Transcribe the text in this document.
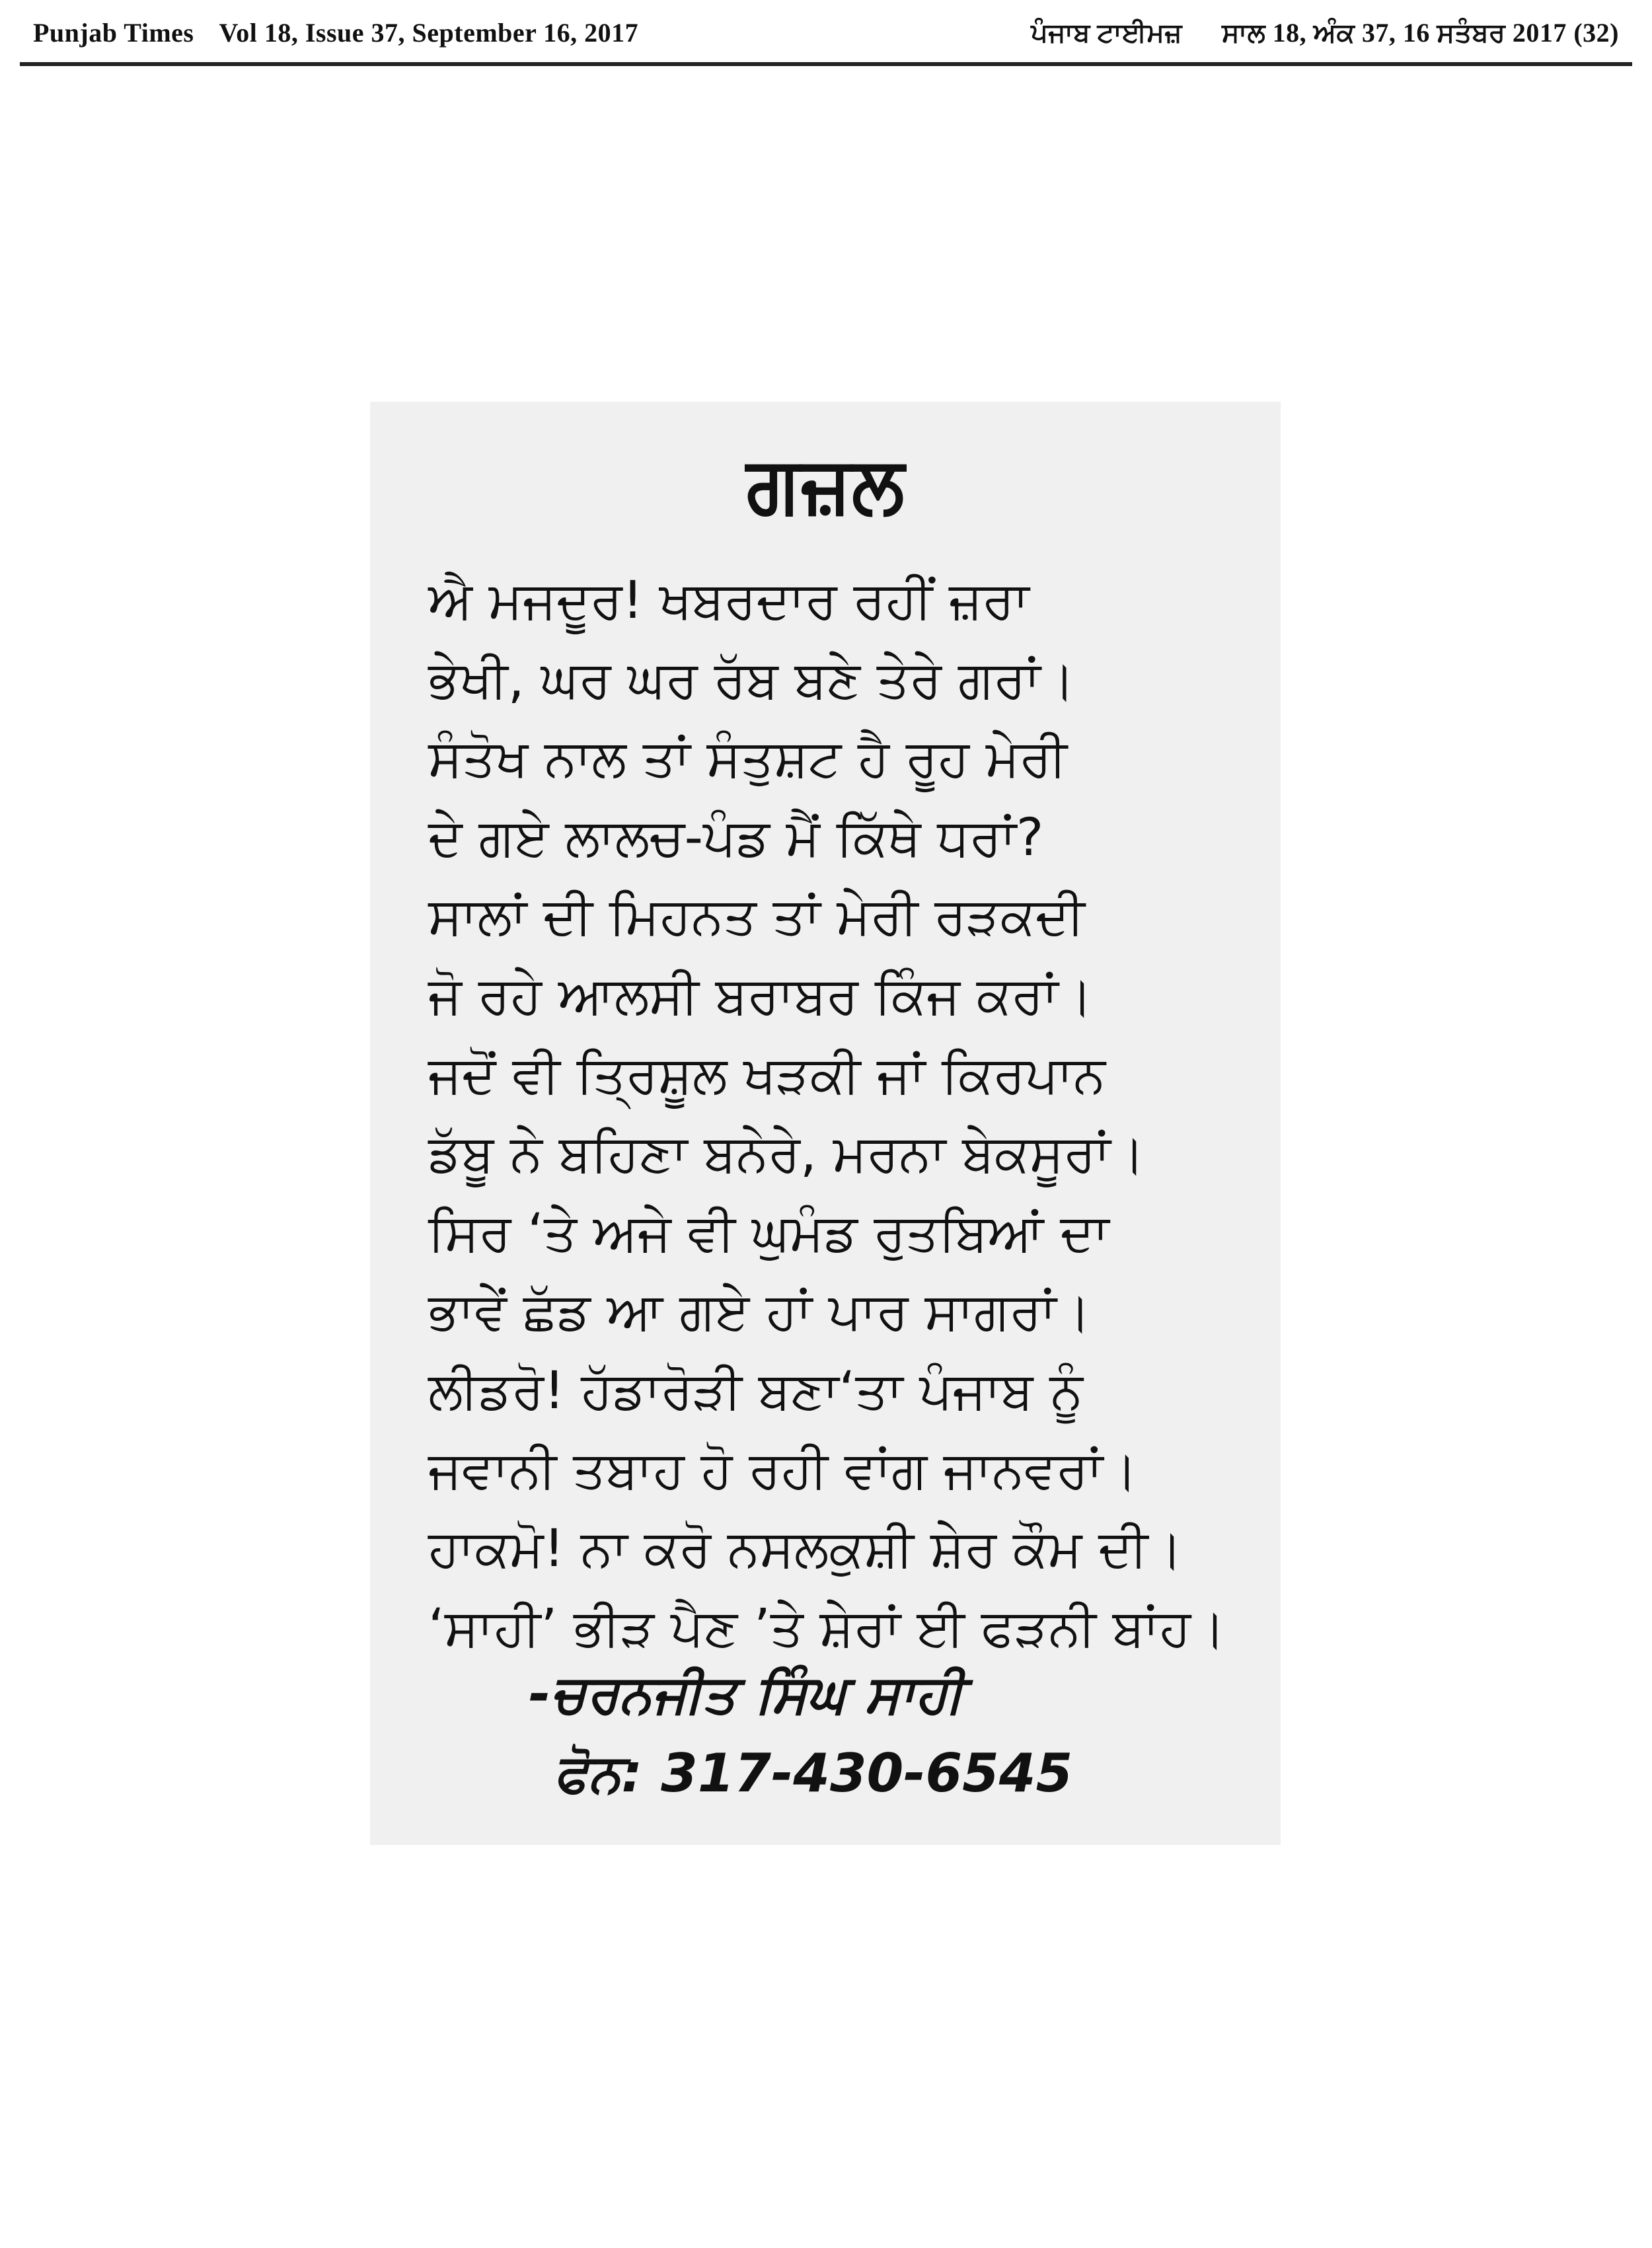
Punjab Times Vol 18, Issue 37, September 16, 2017	ਪੰਜਾਬ ਟਾਈਮਜ਼ ਸਾਲ 18, ਅੰਕ 37, 16 ਸਤੰਬਰ 2017 (32)
ਗਜ਼ਲ
ਐ ਮਜਦੂਰ! ਖਬਰਦਾਰ ਰਹੀਂ ਜ਼ਰਾ
ਭੇਖੀ, ਘਰ ਘਰ ਰੱਬ ਬਣੇ ਤੇਰੇ ਗਰਾਂ।
ਸੰਤੋਖ ਨਾਲ ਤਾਂ ਸੰਤੁਸ਼ਟ ਹੈ ਰੂਹ ਮੇਰੀ
ਦੇ ਗਏ ਲਾਲਚ-ਪੰਡ ਮੈਂ ਕਿੱਥੇ ਧਰਾਂ?
ਸਾਲਾਂ ਦੀ ਮਿਹਨਤ ਤਾਂ ਮੇਰੀ ਰੜਕਦੀ
ਜੋ ਰਹੇ ਆਲਸੀ ਬਰਾਬਰ ਕਿੰਜ ਕਰਾਂ।
ਜਦੋਂ ਵੀ ਤ੍ਰਿਸ਼ੂਲ ਖੜਕੀ ਜਾਂ ਕਿਰਪਾਨ
ਡੱਬੂ ਨੇ ਬਹਿਣਾ ਬਨੇਰੇ, ਮਰਨਾ ਬੇਕਸੂਰਾਂ।
ਸਿਰ ‘ਤੇ ਅਜੇ ਵੀ ਘੁਮੰਡ ਰੁਤਬਿਆਂ ਦਾ
ਭਾਵੇਂ ਛੱਡ ਆ ਗਏ ਹਾਂ ਪਾਰ ਸਾਗਰਾਂ।
ਲੀਡਰੋ! ਹੱਡਾਰੋੜੀ ਬਣਾ‘ਤਾ ਪੰਜਾਬ ਨੂੰ
ਜਵਾਨੀ ਤਬਾਹ ਹੋ ਰਹੀ ਵਾਂਗ ਜਾਨਵਰਾਂ।
ਹਾਕਮੋ! ਨਾ ਕਰੋ ਨਸਲਕੁਸ਼ੀ ਸ਼ੇਰ ਕੌਮ ਦੀ।
‘ਸਾਹੀ’ ਭੀੜ ਪੈਣ ’ਤੇ ਸ਼ੇਰਾਂ ਈ ਫੜਨੀ ਬਾਂਹ।
-ਚਰਨਜੀਤ ਸਿੰਘ ਸਾਹੀ
ਫੋਨ: 317-430-6545
